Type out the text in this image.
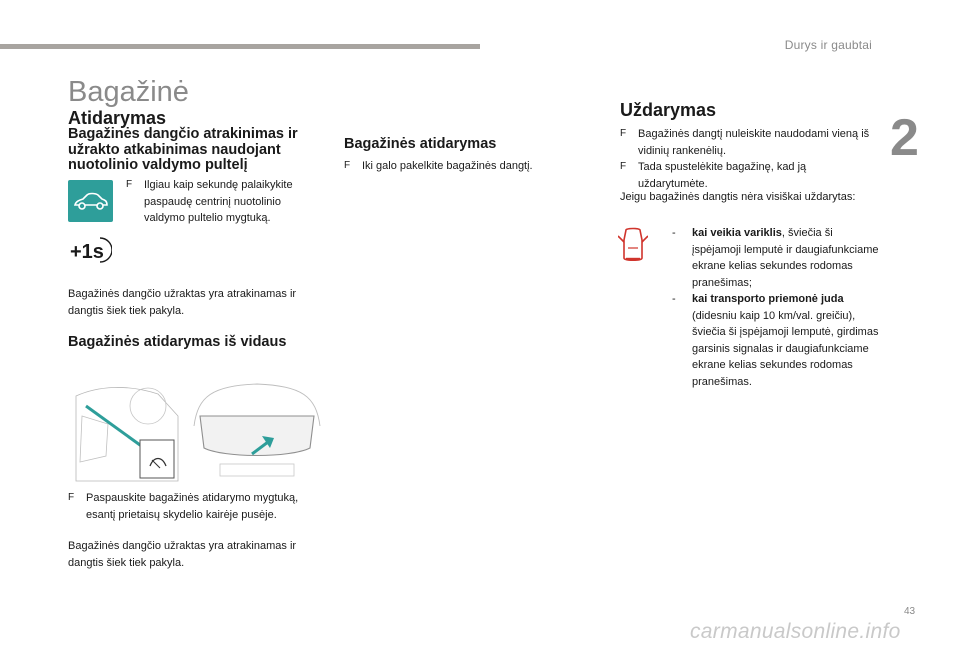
Durys ir gaubtai
2
Bagažinė
Atidarymas
Bagažinės dangčio atrakinimas ir užrakto atkabinimas naudojant nuotolinio valdymo pultelį
F	Ilgiau kaip sekundę palaikykite paspaudę centrinį nuotolinio valdymo pultelio mygtuką.
+1s

Bagažinės dangčio užraktas yra atrakinamas ir dangtis šiek tiek pakyla.

Bagažinės atidarymas iš vidaus
F	Paspauskite bagažinės atidarymo mygtuką, esantį prietaisų skydelio kairėje pusėje.

Bagažinės dangčio užraktas yra atrakinamas ir dangtis šiek tiek pakyla.

Bagažinės atidarymas
F	Iki galo pakelkite bagažinės dangtį.
Uždarymas
F	Bagažinės dangtį nuleiskite naudodami vieną iš vidinių rankenėlių.
F	Tada spustelėkite bagažinę, kad ją uždarytumėte.

Jeigu bagažinės dangtis nėra visiškai uždarytas:

-	kai veikia variklis, šviečia ši įspėjamoji lemputė ir daugiafunkciame ekrane kelias sekundes rodomas pranešimas;
-	kai transporto priemonė juda (didesniu kaip 10 km/val. greičiu), šviečia ši įspėjamoji lemputė, girdimas garsinis signalas ir daugiafunkciame ekrane kelias sekundes rodomas pranešimas.
43
carmanualsonline.info
